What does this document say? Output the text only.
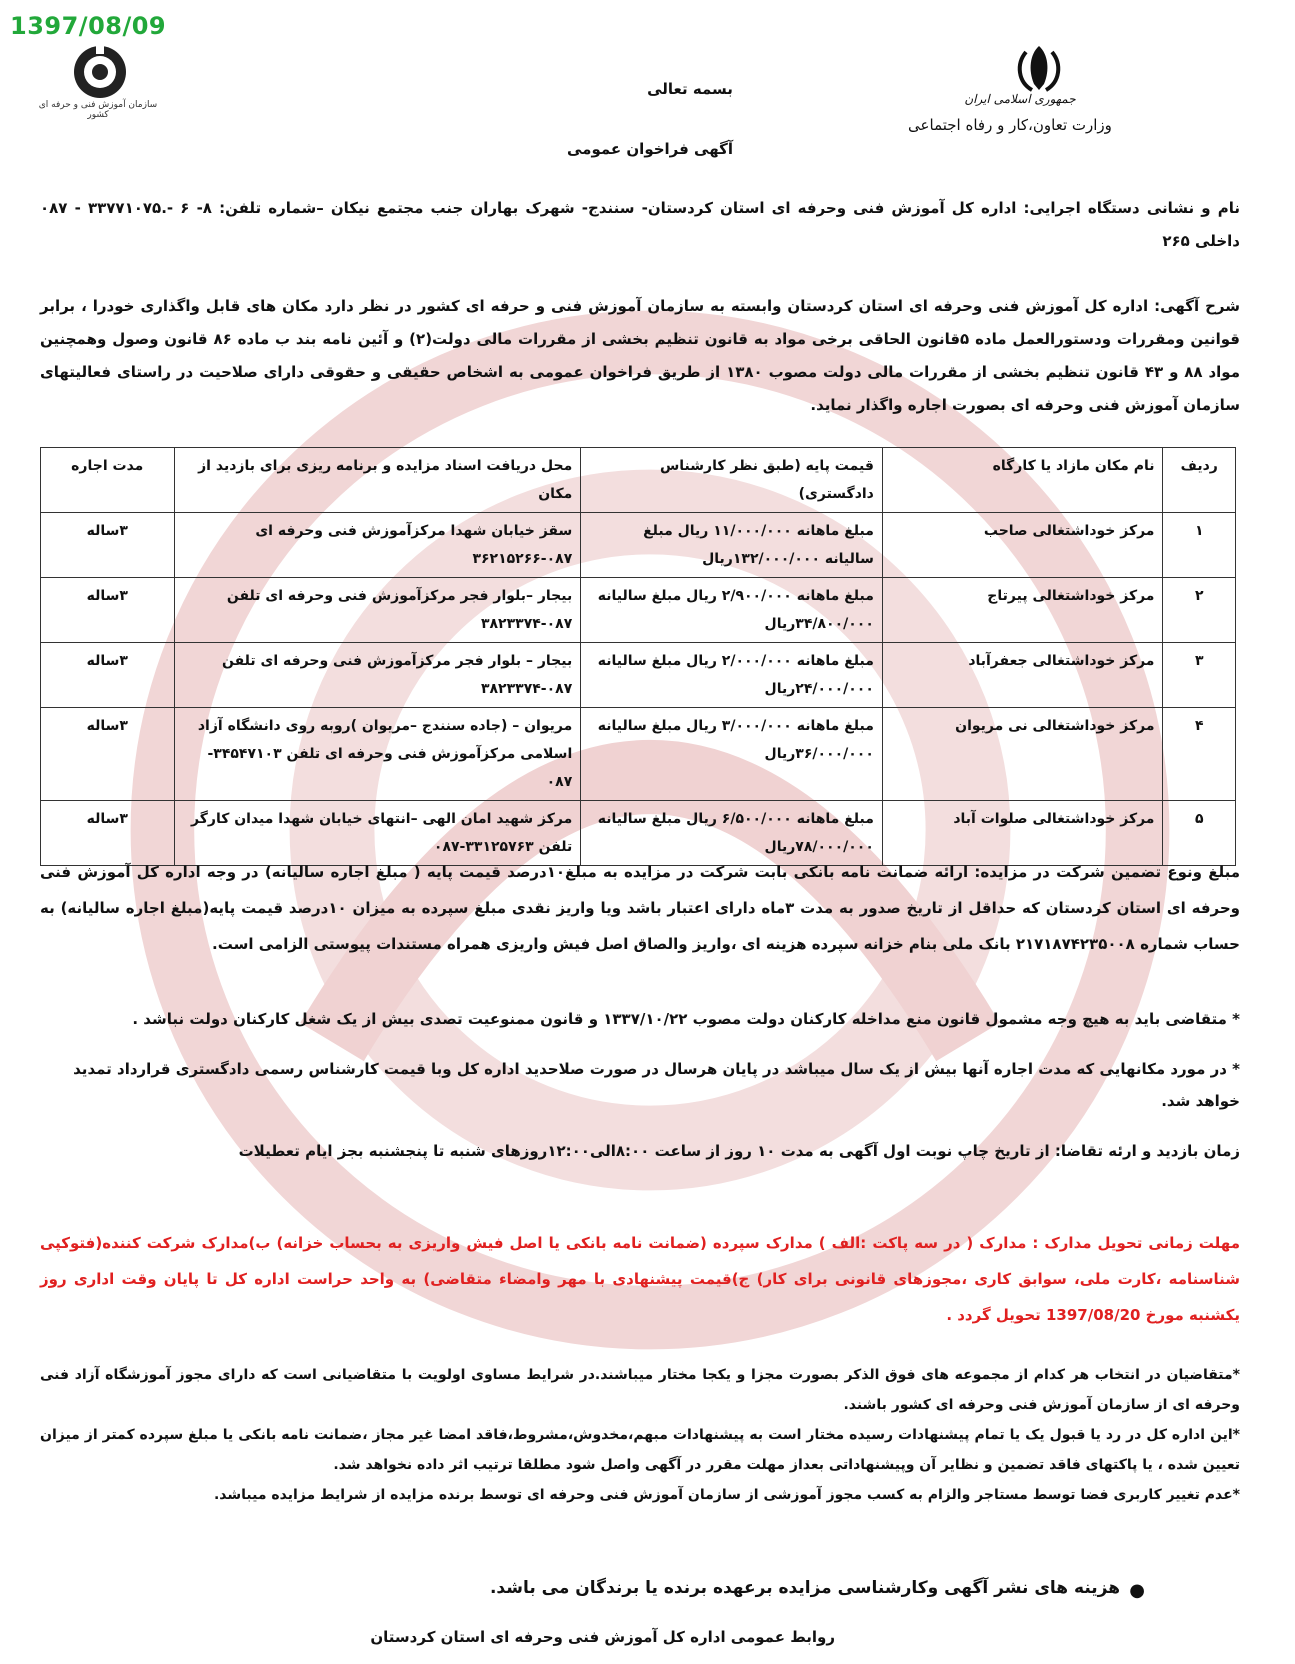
1397/08/09
سازمان آموزش فنی و حرفه ای کشور
جمهوری اسلامی ایران
وزارت تعاون،کار و رفاه اجتماعی
بسمه تعالی
آگهی فراخوان عمومی
نام و نشانی دستگاه اجرایی: اداره کل آموزش فنی وحرفه ای استان کردستان- سنندج- شهرک بهاران جنب مجتمع نیکان –شماره تلفن: ۸- ۶ -.۳۳۷۷۱۰۷۵ - ۰۸۷ داخلی ۲۶۵
شرح آگهی: اداره کل آموزش فنی وحرفه ای استان کردستان وابسته به سازمان آموزش فنی و حرفه ای کشور در نظر دارد مکان های قابل واگذاری خودرا ، برابر قوانین ومقررات ودستورالعمل ماده ۵قانون الحاقی برخی مواد به قانون تنظیم بخشی از مقررات مالی دولت(۲) و آئین نامه بند ب ماده ۸۶ قانون وصول وهمچنین مواد ۸۸ و ۴۳ قانون تنظیم بخشی از مقررات مالی دولت مصوب ۱۳۸۰ از طریق فراخوان عمومی به اشخاص حقیقی و حقوقی دارای صلاحیت در راستای فعالیتهای سازمان آموزش فنی وحرفه ای بصورت اجاره واگذار نماید.
ردیف	نام مکان مازاد یا کارگاه	قیمت پایه (طبق نظر کارشناس دادگستری)	محل دریافت اسناد مزایده و برنامه ریزی برای بازدید از مکان	مدت اجاره
۱	مرکز خوداشتغالی صاحب	مبلغ ماهانه ۱۱/۰۰۰/۰۰۰ ریال مبلغ سالیانه ۱۳۲/۰۰۰/۰۰۰ریال	سقز خیابان شهدا مرکزآموزش فنی وحرفه ای ۰۸۷-۳۶۲۱۵۲۶۶	۳ساله
۲	مرکز خوداشتغالی پیرتاج	مبلغ ماهانه ۲/۹۰۰/۰۰۰ ریال مبلغ سالیانه ۳۴/۸۰۰/۰۰۰ریال	بیجار –بلوار فجر مرکزآموزش فنی وحرفه ای تلفن ۰۸۷-۳۸۲۳۳۷۴	۳ساله
۳	مرکز خوداشتغالی جعفرآباد	مبلغ ماهانه ۲/۰۰۰/۰۰۰ ریال مبلغ سالیانه ۲۴/۰۰۰/۰۰۰ریال	بیجار – بلوار فجر مرکزآموزش فنی وحرفه ای تلفن ۰۸۷-۳۸۲۳۳۷۴	۳ساله
۴	مرکز خوداشتغالی نی مریوان	مبلغ ماهانه ۳/۰۰۰/۰۰۰ ریال مبلغ سالیانه ۳۶/۰۰۰/۰۰۰ریال	مریوان – (جاده سنندج –مریوان )روبه روی دانشگاه آزاد اسلامی مرکزآموزش فنی وحرفه ای تلفن ۳۴۵۴۷۱۰۳- ۰۸۷	۳ساله
۵	مرکز خوداشتغالی صلوات آباد	مبلغ ماهانه ۶/۵۰۰/۰۰۰ ریال مبلغ سالیانه ۷۸/۰۰۰/۰۰۰ریال	مرکز شهید امان الهی –انتهای خیابان شهدا میدان کارگر تلفن ۳۳۱۲۵۷۶۳-۰۸۷	۳ساله
مبلغ ونوع تضمین شرکت در مزایده: ارائه ضمانت نامه بانکی بابت شرکت در مزایده به مبلغ۱۰درصد قیمت پایه ( مبلغ اجاره سالیانه) در وجه اداره کل آموزش فنی وحرفه ای استان کردستان که حداقل از تاریخ صدور به مدت ۳ماه دارای اعتبار باشد ویا واریز نقدی مبلغ سپرده به میزان ۱۰درصد قیمت پایه(مبلغ اجاره سالیانه) به حساب شماره ۲۱۷۱۸۷۴۲۳۵۰۰۸ بانک ملی بنام خزانه سپرده هزینه ای ،واریز والصاق اصل فیش واریزی همراه مستندات پیوستی الزامی است.

* متقاضی باید به هیچ وجه مشمول قانون منع مداخله کارکنان دولت مصوب ۱۳۳۷/۱۰/۲۲ و قانون ممنوعیت تصدی بیش از یک شغل کارکنان دولت نباشد .

* در مورد مکانهایی که مدت اجاره آنها بیش از یک سال میباشد در پایان هرسال در صورت صلاحدید اداره کل وبا قیمت کارشناس رسمی دادگستری قرارداد تمدید خواهد شد.

زمان بازدید و ارئه تقاضا: از تاریخ چاپ نوبت اول آگهی به مدت ۱۰ روز از ساعت ۸:۰۰الی۱۲:۰۰روزهای شنبه تا پنجشنبه بجز ایام تعطیلات

مهلت زمانی تحویل مدارک : مدارک ( در سه پاکت :الف ) مدارک سپرده (ضمانت نامه بانکی یا اصل فیش واریزی به بحساب خزانه) ب)مدارک شرکت کننده(فتوکپی شناسنامه ،کارت ملی، سوابق کاری ،مجوزهای قانونی برای کار) ج)قیمت پیشنهادی با مهر وامضاء متقاضی) به واحد حراست اداره کل تا پایان وقت اداری روز یکشنبه مورخ 1397/08/20 تحویل گردد .

*متقاضیان در انتخاب هر کدام از مجموعه های فوق الذکر بصورت مجزا و یکجا مختار میباشند.در شرایط مساوی اولویت با متقاضیانی است که دارای مجوز آموزشگاه آزاد فنی وحرفه ای از سازمان آموزش فنی وحرفه ای کشور باشند.

*این اداره کل در رد یا قبول یک یا تمام پیشنهادات رسیده مختار است به پیشنهادات مبهم،مخدوش،مشروط،فاقد امضا غیر مجاز ،ضمانت نامه بانکی یا مبلغ سپرده کمتر از میزان تعیین شده ، یا پاکتهای فاقد تضمین و نظایر آن وپیشنهاداتی بعداز مهلت مقرر در آگهی واصل شود مطلقا ترتیب اثر داده نخواهد شد.

*عدم تغییر کاربری فضا توسط مستاجر والزام به کسب مجوز آموزشی از سازمان آموزش فنی وحرفه ای توسط برنده مزایده از شرایط مزایده میباشد.

●
هزینه های نشر آگهی وکارشناسی مزایده برعهده برنده یا برندگان می باشد.
روابط عمومی اداره کل آموزش فنی وحرفه ای استان کردستان
